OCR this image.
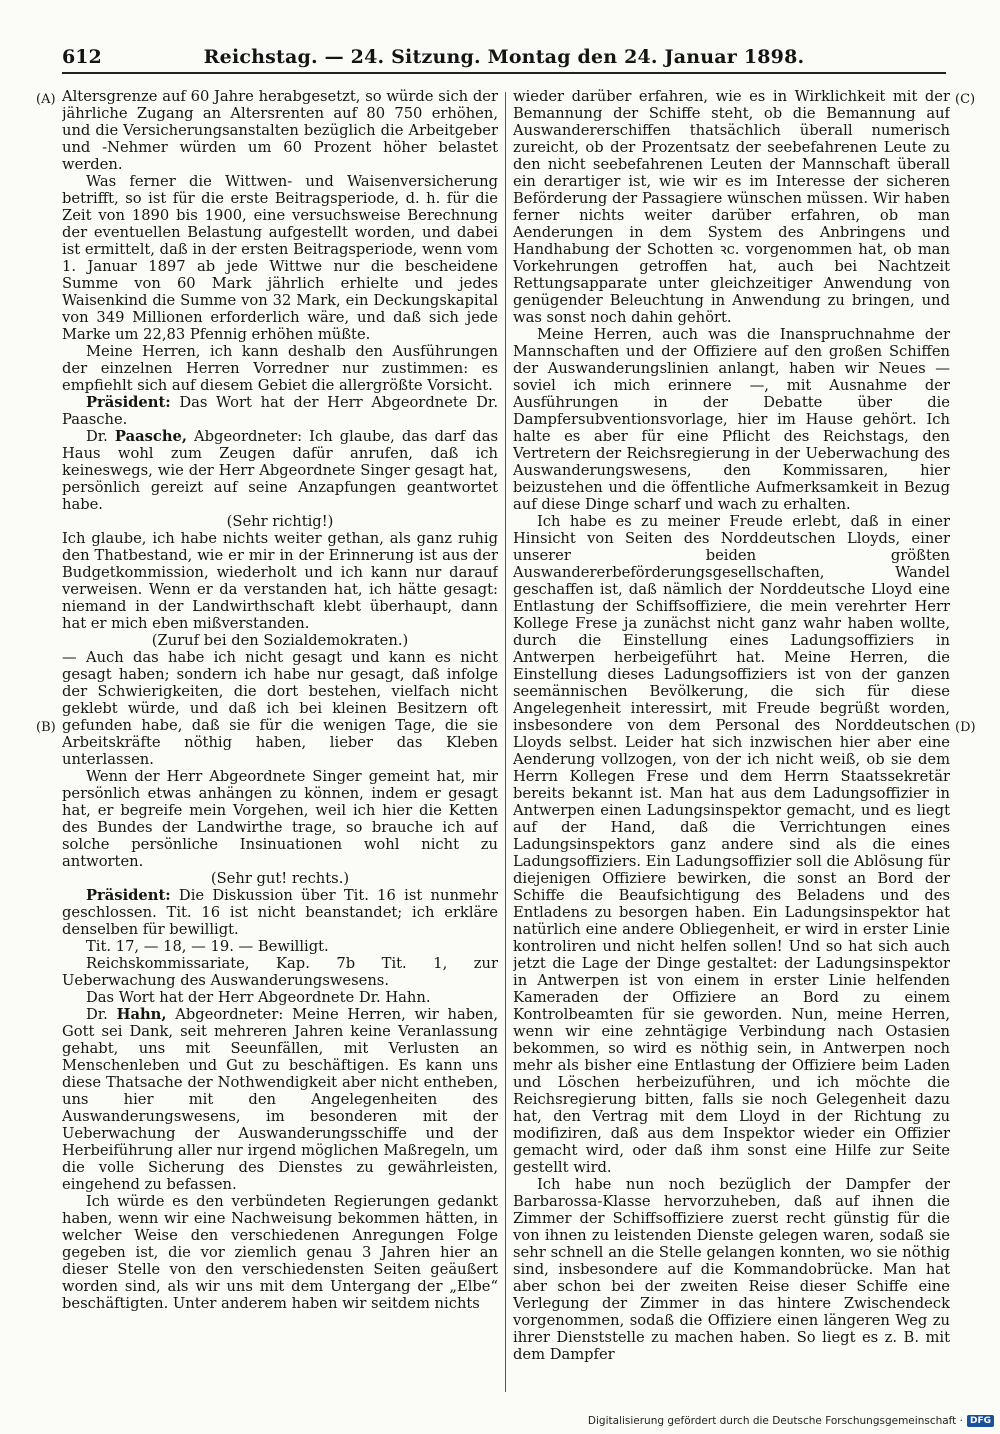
612	Reichstag. — 24. Sitzung. Montag den 24. Januar 1898.
(A)
(B)
(C)
(D)

Altersgrenze auf 60 Jahre herabgesetzt, so würde sich der jährliche Zugang an Altersrenten auf 80 750 erhöhen, und die Versicherungsanstalten bezüglich die Arbeitgeber und -Nehmer würden um 60 Prozent höher belastet werden.

Was ferner die Wittwen- und Waisenversicherung betrifft, so ist für die erste Beitragsperiode, d. h. für die Zeit von 1890 bis 1900, eine versuchsweise Berechnung der eventuellen Belastung aufgestellt worden, und dabei ist ermittelt, daß in der ersten Beitragsperiode, wenn vom 1. Januar 1897 ab jede Wittwe nur die bescheidene Summe von 60 Mark jährlich erhielte und jedes Waisenkind die Summe von 32 Mark, ein Deckungskapital von 349 Millionen erforderlich wäre, und daß sich jede Marke um 22,83 Pfennig erhöhen müßte.

Meine Herren, ich kann deshalb den Ausführungen der einzelnen Herren Vorredner nur zustimmen: es empfiehlt sich auf diesem Gebiet die allergrößte Vorsicht.

Präsident: Das Wort hat der Herr Abgeordnete Dr. Paasche.

Dr. Paasche, Abgeordneter: Ich glaube, das darf das Haus wohl zum Zeugen dafür anrufen, daß ich keineswegs, wie der Herr Abgeordnete Singer gesagt hat, persönlich gereizt auf seine Anzapfungen geantwortet habe.

(Sehr richtig!)

Ich glaube, ich habe nichts weiter gethan, als ganz ruhig den Thatbestand, wie er mir in der Erinnerung ist aus der Budgetkommission, wiederholt und ich kann nur darauf verweisen. Wenn er da verstanden hat, ich hätte gesagt: niemand in der Landwirthschaft klebt überhaupt, dann hat er mich eben mißverstanden.

(Zuruf bei den Sozialdemokraten.)

— Auch das habe ich nicht gesagt und kann es nicht gesagt haben; sondern ich habe nur gesagt, daß infolge der Schwierigkeiten, die dort bestehen, vielfach nicht geklebt würde, und daß ich bei kleinen Besitzern oft gefunden habe, daß sie für die wenigen Tage, die sie Arbeitskräfte nöthig haben, lieber das Kleben unterlassen.

Wenn der Herr Abgeordnete Singer gemeint hat, mir persönlich etwas anhängen zu können, indem er gesagt hat, er begreife mein Vorgehen, weil ich hier die Ketten des Bundes der Landwirthe trage, so brauche ich auf solche persönliche Insinuationen wohl nicht zu antworten.

(Sehr gut! rechts.)

Präsident: Die Diskussion über Tit. 16 ist nunmehr geschlossen. Tit. 16 ist nicht beanstandet; ich erkläre denselben für bewilligt.

Tit. 17, — 18, — 19. — Bewilligt.

Reichskommissariate, Kap. 7b Tit. 1, zur Ueberwachung des Auswanderungswesens.

Das Wort hat der Herr Abgeordnete Dr. Hahn.

Dr. Hahn, Abgeordneter: Meine Herren, wir haben, Gott sei Dank, seit mehreren Jahren keine Veranlassung gehabt, uns mit Seeunfällen, mit Verlusten an Menschenleben und Gut zu beschäftigen. Es kann uns diese Thatsache der Nothwendigkeit aber nicht entheben, uns hier mit den Angelegenheiten des Auswanderungswesens, im besonderen mit der Ueberwachung der Auswanderungsschiffe und der Herbeiführung aller nur irgend möglichen Maßregeln, um die volle Sicherung des Dienstes zu gewährleisten, eingehend zu befassen.

Ich würde es den verbündeten Regierungen gedankt haben, wenn wir eine Nachweisung bekommen hätten, in welcher Weise den verschiedenen Anregungen Folge gegeben ist, die vor ziemlich genau 3 Jahren hier an dieser Stelle von den verschiedensten Seiten geäußert worden sind, als wir uns mit dem Untergang der „Elbe“ beschäftigten. Unter anderem haben wir seitdem nichts

wieder darüber erfahren, wie es in Wirklichkeit mit der Bemannung der Schiffe steht, ob die Bemannung auf Auswandererschiffen thatsächlich überall numerisch zureicht, ob der Prozentsatz der seebefahrenen Leute zu den nicht seebefahrenen Leuten der Mannschaft überall ein derartiger ist, wie wir es im Interesse der sicheren Beförderung der Passagiere wünschen müssen. Wir haben ferner nichts weiter darüber erfahren, ob man Aenderungen in dem System des Anbringens und Handhabung der Schotten ꝛc. vorgenommen hat, ob man Vorkehrungen getroffen hat, auch bei Nachtzeit Rettungsapparate unter gleichzeitiger Anwendung von genügender Beleuchtung in Anwendung zu bringen, und was sonst noch dahin gehört.

Meine Herren, auch was die Inanspruchnahme der Mannschaften und der Offiziere auf den großen Schiffen der Auswanderungslinien anlangt, haben wir Neues — soviel ich mich erinnere —, mit Ausnahme der Ausführungen in der Debatte über die Dampfersubventionsvorlage, hier im Hause gehört. Ich halte es aber für eine Pflicht des Reichstags, den Vertretern der Reichsregierung in der Ueberwachung des Auswanderungswesens, den Kommissaren, hier beizustehen und die öffentliche Aufmerksamkeit in Bezug auf diese Dinge scharf und wach zu erhalten.

Ich habe es zu meiner Freude erlebt, daß in einer Hinsicht von Seiten des Norddeutschen Lloyds, einer unserer beiden größten Auswandererbeförderungsgesellschaften, Wandel geschaffen ist, daß nämlich der Norddeutsche Lloyd eine Entlastung der Schiffsoffiziere, die mein verehrter Herr Kollege Frese ja zunächst nicht ganz wahr haben wollte, durch die Einstellung eines Ladungsoffiziers in Antwerpen herbeigeführt hat. Meine Herren, die Einstellung dieses Ladungsoffiziers ist von der ganzen seemännischen Bevölkerung, die sich für diese Angelegenheit interessirt, mit Freude begrüßt worden, insbesondere von dem Personal des Norddeutschen Lloyds selbst. Leider hat sich inzwischen hier aber eine Aenderung vollzogen, von der ich nicht weiß, ob sie dem Herrn Kollegen Frese und dem Herrn Staatssekretär bereits bekannt ist. Man hat aus dem Ladungsoffizier in Antwerpen einen Ladungsinspektor gemacht, und es liegt auf der Hand, daß die Verrichtungen eines Ladungsinspektors ganz andere sind als die eines Ladungsoffiziers. Ein Ladungsoffizier soll die Ablösung für diejenigen Offiziere bewirken, die sonst an Bord der Schiffe die Beaufsichtigung des Beladens und des Entladens zu besorgen haben. Ein Ladungsinspektor hat natürlich eine andere Obliegenheit, er wird in erster Linie kontroliren und nicht helfen sollen! Und so hat sich auch jetzt die Lage der Dinge gestaltet: der Ladungsinspektor in Antwerpen ist von einem in erster Linie helfenden Kameraden der Offiziere an Bord zu einem Kontrolbeamten für sie geworden. Nun, meine Herren, wenn wir eine zehntägige Verbindung nach Ostasien bekommen, so wird es nöthig sein, in Antwerpen noch mehr als bisher eine Entlastung der Offiziere beim Laden und Löschen herbeizuführen, und ich möchte die Reichsregierung bitten, falls sie noch Gelegenheit dazu hat, den Vertrag mit dem Lloyd in der Richtung zu modifiziren, daß aus dem Inspektor wieder ein Offizier gemacht wird, oder daß ihm sonst eine Hilfe zur Seite gestellt wird.

Ich habe nun noch bezüglich der Dampfer der Barbarossa-Klasse hervorzuheben, daß auf ihnen die Zimmer der Schiffsoffiziere zuerst recht günstig für die von ihnen zu leistenden Dienste gelegen waren, sodaß sie sehr schnell an die Stelle gelangen konnten, wo sie nöthig sind, insbesondere auf die Kommandobrücke. Man hat aber schon bei der zweiten Reise dieser Schiffe eine Verlegung der Zimmer in das hintere Zwischendeck vorgenommen, sodaß die Offiziere einen längeren Weg zu ihrer Dienststelle zu machen haben. So liegt es z. B. mit dem Dampfer

Digitalisierung gefördert durch die Deutsche Forschungsgemeinschaft · DFG
